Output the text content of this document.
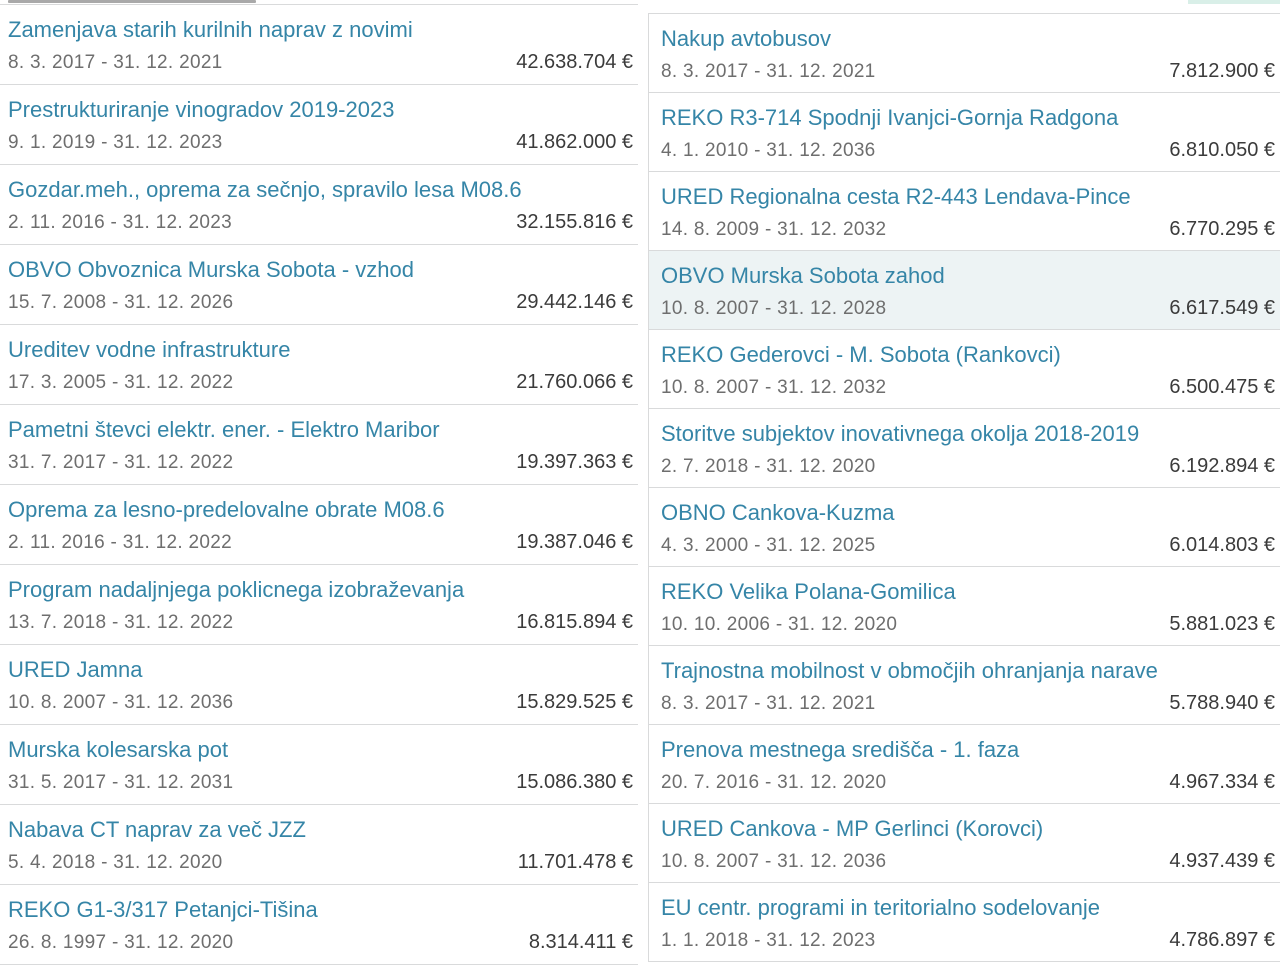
Zamenjava starih kurilnih naprav z novimi
8. 3. 2017 - 31. 12. 2021	42.638.704 €
Prestrukturiranje vinogradov 2019-2023
9. 1. 2019 - 31. 12. 2023	41.862.000 €
Gozdar.meh., oprema za sečnjo, spravilo lesa M08.6
2. 11. 2016 - 31. 12. 2023	32.155.816 €
OBVO Obvoznica Murska Sobota - vzhod
15. 7. 2008 - 31. 12. 2026	29.442.146 €
Ureditev vodne infrastrukture
17. 3. 2005 - 31. 12. 2022	21.760.066 €
Pametni števci elektr. ener. - Elektro Maribor
31. 7. 2017 - 31. 12. 2022	19.397.363 €
Oprema za lesno-predelovalne obrate M08.6
2. 11. 2016 - 31. 12. 2022	19.387.046 €
Program nadaljnjega poklicnega izobraževanja
13. 7. 2018 - 31. 12. 2022	16.815.894 €
URED Jamna
10. 8. 2007 - 31. 12. 2036	15.829.525 €
Murska kolesarska pot
31. 5. 2017 - 31. 12. 2031	15.086.380 €
Nabava CT naprav za več JZZ
5. 4. 2018 - 31. 12. 2020	11.701.478 €
REKO G1-3/317 Petanjci-Tišina
26. 8. 1997 - 31. 12. 2020	8.314.411 €
Nakup avtobusov
8. 3. 2017 - 31. 12. 2021	7.812.900 €
REKO R3-714 Spodnji Ivanjci-Gornja Radgona
4. 1. 2010 - 31. 12. 2036	6.810.050 €
URED Regionalna cesta R2-443 Lendava-Pince
14. 8. 2009 - 31. 12. 2032	6.770.295 €
OBVO Murska Sobota zahod
10. 8. 2007 - 31. 12. 2028	6.617.549 €
REKO Gederovci - M. Sobota (Rankovci)
10. 8. 2007 - 31. 12. 2032	6.500.475 €
Storitve subjektov inovativnega okolja 2018-2019
2. 7. 2018 - 31. 12. 2020	6.192.894 €
OBNO Cankova-Kuzma
4. 3. 2000 - 31. 12. 2025	6.014.803 €
REKO Velika Polana-Gomilica
10. 10. 2006 - 31. 12. 2020	5.881.023 €
Trajnostna mobilnost v območjih ohranjanja narave
8. 3. 2017 - 31. 12. 2021	5.788.940 €
Prenova mestnega središča - 1. faza
20. 7. 2016 - 31. 12. 2020	4.967.334 €
URED Cankova - MP Gerlinci (Korovci)
10. 8. 2007 - 31. 12. 2036	4.937.439 €
EU centr. programi in teritorialno sodelovanje
1. 1. 2018 - 31. 12. 2023	4.786.897 €
